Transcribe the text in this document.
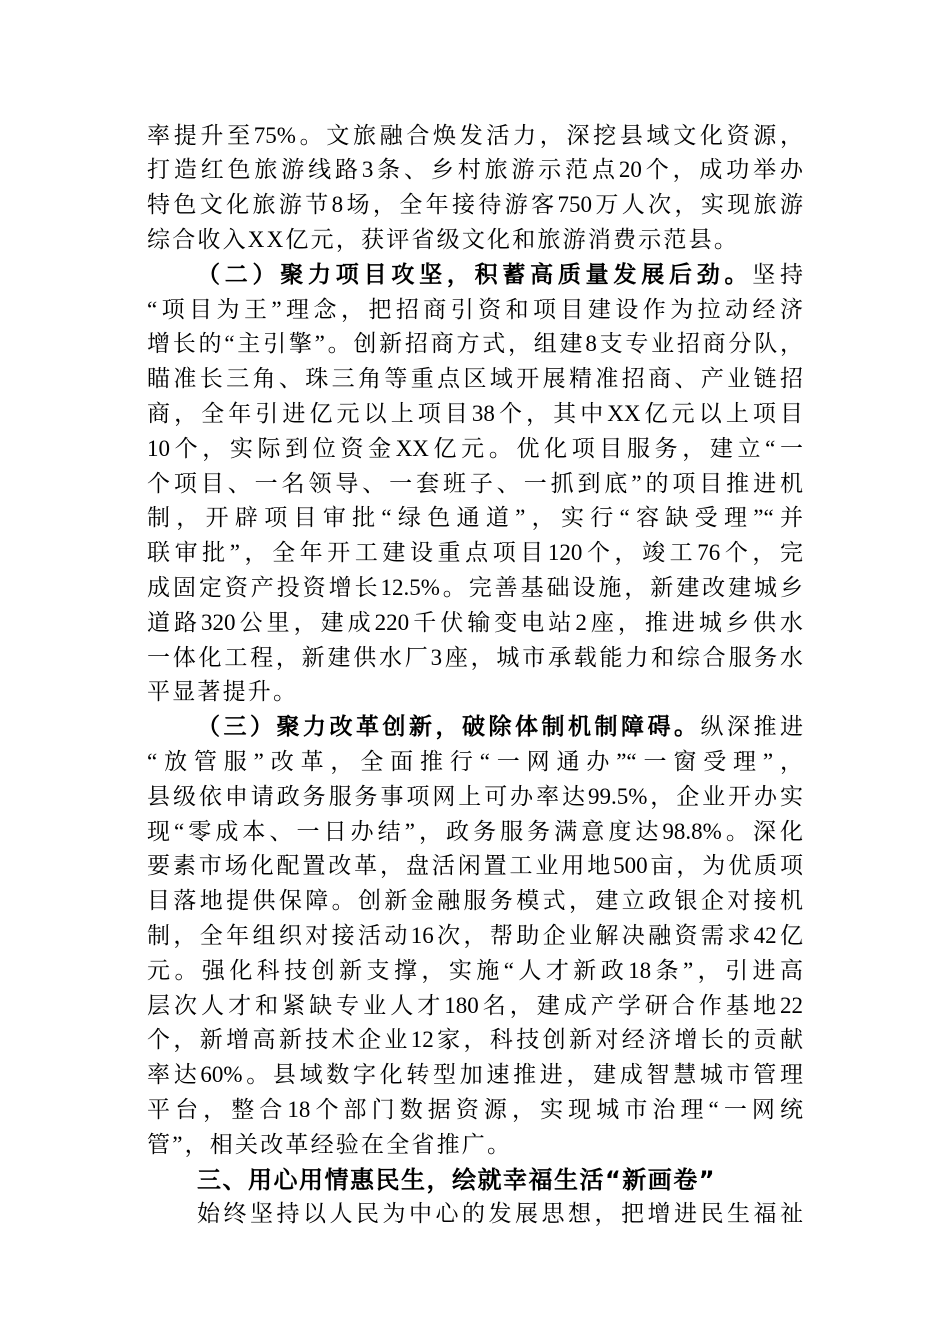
率提升至75%。文旅融合焕发活力，深挖县域文化资源，
打造红色旅游线路3条、乡村旅游示范点20个，成功举办
特色文化旅游节8场，全年接待游客750万人次，实现旅游
综合收入XX亿元，获评省级文化和旅游消费示范县。
（二）聚力项目攻坚，积蓄高质量发展后劲。坚持
“项目为王”理念，把招商引资和项目建设作为拉动经济
增长的“主引擎”。创新招商方式，组建8支专业招商分队，
瞄准长三角、珠三角等重点区域开展精准招商、产业链招
商，全年引进亿元以上项目38个，其中XX亿元以上项目
10个，实际到位资金XX亿元。优化项目服务，建立“一
个项目、一名领导、一套班子、一抓到底”的项目推进机
制，开辟项目审批“绿色通道”，实行“容缺受理”“并
联审批”，全年开工建设重点项目120个，竣工76个，完
成固定资产投资增长12.5%。完善基础设施，新建改建城乡
道路320公里，建成220千伏输变电站2座，推进城乡供水
一体化工程，新建供水厂3座，城市承载能力和综合服务水
平显著提升。
（三）聚力改革创新，破除体制机制障碍。纵深推进
“放管服”改革，全面推行“一网通办”“一窗受理”，
县级依申请政务服务事项网上可办率达99.5%，企业开办实
现“零成本、一日办结”，政务服务满意度达98.8%。深化
要素市场化配置改革，盘活闲置工业用地500亩，为优质项
目落地提供保障。创新金融服务模式，建立政银企对接机
制，全年组织对接活动16次，帮助企业解决融资需求42亿
元。强化科技创新支撑，实施“人才新政18条”，引进高
层次人才和紧缺专业人才180名，建成产学研合作基地22
个，新增高新技术企业12家，科技创新对经济增长的贡献
率达60%。县域数字化转型加速推进，建成智慧城市管理
平台，整合18个部门数据资源，实现城市治理“一网统
管”，相关改革经验在全省推广。
三、用心用情惠民生，绘就幸福生活“新画卷”
始终坚持以人民为中心的发展思想，把增进民生福祉
